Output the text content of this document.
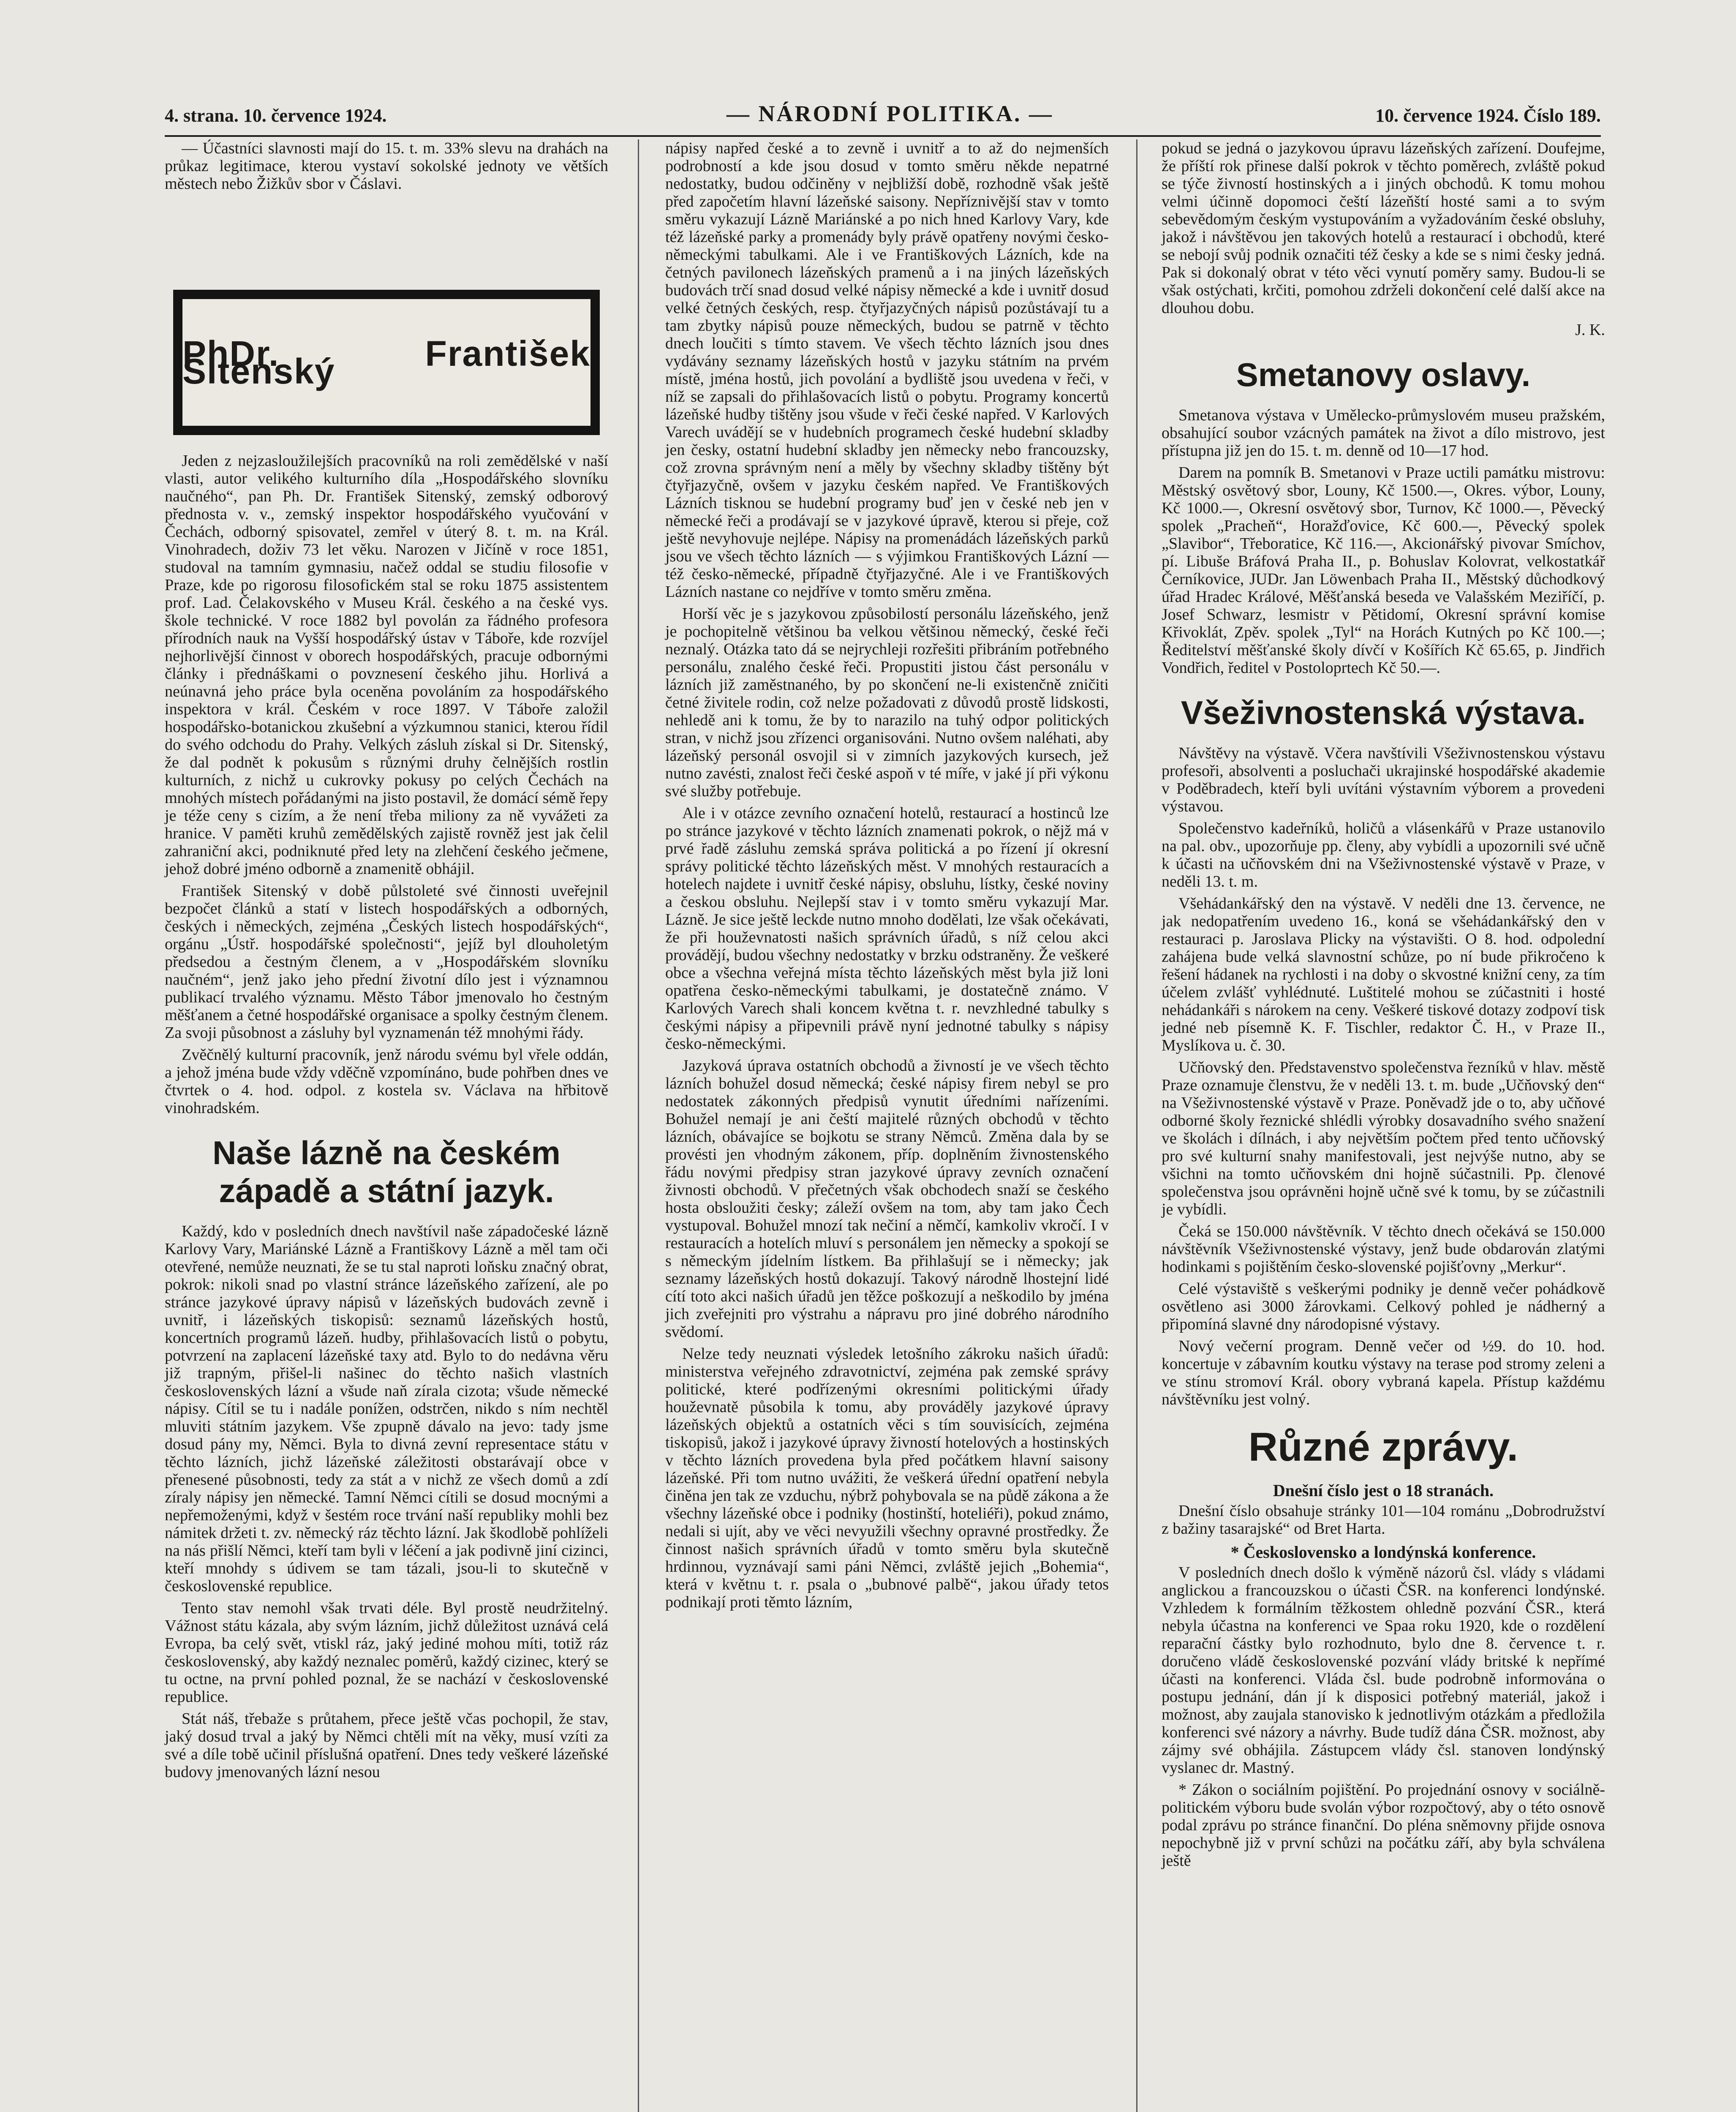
4. strana. 10. července 1924.	— NÁRODNÍ POLITIKA. —	10. července 1924. Číslo 189.

— Účastníci slavnosti mají do 15. t. m. 33% slevu na drahách na průkaz legitimace, kterou vystaví sokolské jednoty ve větších městech nebo Žižkův sbor v Čáslavi.

PhDr. František Sitenský

Jeden z nejzasloužilejších pracovníků na roli zemědělské v naší vlasti, autor velikého kulturního díla „Hospodářského slovníku naučného“, pan Ph. Dr. František Sitenský, zemský odborový přednosta v. v., zemský inspektor hospodářského vyučování v Čechách, odborný spisovatel, zemřel v úterý 8. t. m. na Král. Vinohradech, doživ 73 let věku. Narozen v Jičíně v roce 1851, studoval na tamním gymnasiu, načež oddal se studiu filosofie v Praze, kde po rigorosu filosofickém stal se roku 1875 assistentem prof. Lad. Čelakovského v Museu Král. českého a na české vys. škole technické. V roce 1882 byl povolán za řádného profesora přírodních nauk na Vyšší hospodářský ústav v Táboře, kde rozvíjel nejhorlivější činnost v oborech hospodářských, pracuje odbornými články i přednáškami o povznesení českého jihu. Horlivá a neúnavná jeho práce byla oceněna povoláním za hospodářského inspektora v král. Českém v roce 1897. V Táboře založil hospodářsko-botanickou zkušební a výzkumnou stanici, kterou řídil do svého odchodu do Prahy. Velkých zásluh získal si Dr. Sitenský, že dal podnět k pokusům s různými druhy čelnějších rostlin kulturních, z nichž u cukrovky pokusy po celých Čechách na mnohých místech pořádanými na jisto postavil, že domácí sémě řepy je téže ceny s cizím, a že není třeba miliony za ně vyvážeti za hranice. V paměti kruhů zemědělských zajistě rovněž jest jak čelil zahraniční akci, podniknuté před lety na zlehčení českého ječmene, jehož dobré jméno odborně a znamenitě obhájil.

František Sitenský v době půlstoleté své činnosti uveřejnil bezpočet článků a statí v listech hospodářských a odborných, českých i německých, zejména „Českých listech hospodářských“, orgánu „Ústř. hospodářské společnosti“, jejíž byl dlouholetým předsedou a čestným členem, a v „Hospodářském slovníku naučném“, jenž jako jeho přední životní dílo jest i významnou publikací trvalého významu. Město Tábor jmenovalo ho čestným měšťanem a četné hospodářské organisace a spolky čestným členem. Za svoji působnost a zásluhy byl vyznamenán též mnohými řády.

Zvěčnělý kulturní pracovník, jenž národu svému byl vřele oddán, a jehož jména bude vždy vděčně vzpomínáno, bude pohřben dnes ve čtvrtek o 4. hod. odpol. z kostela sv. Václava na hřbitově vinohradském.

Naše lázně na českém západě a státní jazyk.

Každý, kdo v posledních dnech navštívil naše západočeské lázně Karlovy Vary, Mariánské Lázně a Františkovy Lázně a měl tam oči otevřené, nemůže neuznati, že se tu stal naproti loňsku značný obrat, pokrok: nikoli snad po vlastní stránce lázeňského zařízení, ale po stránce jazykové úpravy nápisů v lázeňských budovách zevně i uvnitř, i lázeňských tiskopisů: seznamů lázeňských hostů, koncertních programů lázeň. hudby, přihlašovacích listů o pobytu, potvrzení na zaplacení lázeňské taxy atd. Bylo to do nedávna věru již trapným, přišel-li našinec do těchto našich vlastních československých lázní a všude naň zírala cizota; všude německé nápisy. Cítil se tu i nadále ponížen, odstrčen, nikdo s ním nechtěl mluviti státním jazykem. Vše zpupně dávalo na jevo: tady jsme dosud pány my, Němci. Byla to divná zevní representace státu v těchto lázních, jichž lázeňské záležitosti obstarávají obce v přenesené působnosti, tedy za stát a v nichž ze všech domů a zdí zíraly nápisy jen německé. Tamní Němci cítili se dosud mocnými a nepřemoženými, když v šestém roce trvání naší republiky mohli bez námitek držeti t. zv. německý ráz těchto lázní. Jak škodlobě pohlíželi na nás přišlí Němci, kteří tam byli v léčení a jak podivně jiní cizinci, kteří mnohdy s údivem se tam tázali, jsou-li to skutečně v československé republice.

Tento stav nemohl však trvati déle. Byl prostě neudržitelný. Vážnost státu kázala, aby svým lázním, jichž důležitost uznává celá Evropa, ba celý svět, vtiskl ráz, jaký jediné mohou míti, totiž ráz československý, aby každý neznalec poměrů, každý cizinec, který se tu octne, na první pohled poznal, že se nachází v československé republice.

Stát náš, třebaže s průtahem, přece ještě včas pochopil, že stav, jaký dosud trval a jaký by Němci chtěli mít na věky, musí vzíti za své a díle tobě učinil příslušná opatření. Dnes tedy veškeré lázeňské budovy jmenovaných lázní nesou

nápisy napřed české a to zevně i uvnitř a to až do nejmenších podrobností a kde jsou dosud v tomto směru někde nepatrné nedostatky, budou odčiněny v nejbližší době, rozhodně však ještě před započetím hlavní lázeňské saisony. Nepříznivější stav v tomto směru vykazují Lázně Mariánské a po nich hned Karlovy Vary, kde též lázeňské parky a promenády byly právě opatřeny novými česko-německými tabulkami. Ale i ve Františkových Lázních, kde na četných pavilonech lázeňských pramenů a i na jiných lázeňských budovách trčí snad dosud velké nápisy německé a kde i uvnitř dosud velké četných českých, resp. čtyřjazyčných nápisů pozůstávají tu a tam zbytky nápisů pouze německých, budou se patrně v těchto dnech loučiti s tímto stavem. Ve všech těchto lázních jsou dnes vydávány seznamy lázeňských hostů v jazyku státním na prvém místě, jména hostů, jich povolání a bydliště jsou uvedena v řeči, v níž se zapsali do přihlašovacích listů o pobytu. Programy koncertů lázeňské hudby tištěny jsou všude v řeči české napřed. V Karlových Varech uvádějí se v hudebních programech české hudební skladby jen česky, ostatní hudební skladby jen německy nebo francouzsky, což zrovna správným není a měly by všechny skladby tištěny být čtyřjazyčně, ovšem v jazyku českém napřed. Ve Františkových Lázních tisknou se hudební programy buď jen v české neb jen v německé řeči a prodávají se v jazykové úpravě, kterou si přeje, což ještě nevyhovuje nejlépe. Nápisy na promenádách lázeňských parků jsou ve všech těchto lázních — s výjimkou Františkových Lázní — též česko-německé, případně čtyřjazyčné. Ale i ve Františkových Lázních nastane co nejdříve v tomto směru změna.

Horší věc je s jazykovou způsobilostí personálu lázeňského, jenž je pochopitelně většinou ba velkou většinou německý, české řeči neznalý. Otázka tato dá se nejrychleji rozřešiti přibráním potřebného personálu, znalého české řeči. Propustiti jistou část personálu v lázních již zaměstnaného, by po skončení ne-li existenčně zničiti četné živitele rodin, což nelze požadovati z důvodů prostě lidskosti, nehledě ani k tomu, že by to narazilo na tuhý odpor politických stran, v nichž jsou zřízenci organisováni. Nutno ovšem naléhati, aby lázeňský personál osvojil si v zimních jazykových kursech, jež nutno zavésti, znalost řeči české aspoň v té míře, v jaké jí při výkonu své služby potřebuje.

Ale i v otázce zevního označení hotelů, restaurací a hostinců lze po stránce jazykové v těchto lázních znamenati pokrok, o nějž má v prvé řadě zásluhu zemská správa politická a po řízení jí okresní správy politické těchto lázeňských měst. V mnohých restauracích a hotelech najdete i uvnitř české nápisy, obsluhu, lístky, české noviny a českou obsluhu. Nejlepší stav i v tomto směru vykazují Mar. Lázně. Je sice ještě leckde nutno mnoho dodělati, lze však očekávati, že při houževnatosti našich správních úřadů, s níž celou akci provádějí, budou všechny nedostatky v brzku odstraněny. Že veškeré obce a všechna veřejná místa těchto lázeňských měst byla již loni opatřena česko-německými tabulkami, je dostatečně známo. V Karlových Varech shali koncem května t. r. nevzhledné tabulky s českými nápisy a připevnili právě nyní jednotné tabulky s nápisy česko-německými.

Jazyková úprava ostatních obchodů a živností je ve všech těchto lázních bohužel dosud německá; české nápisy firem nebyl se pro nedostatek zákonných předpisů vynutit úředními nařízeními. Bohužel nemají je ani čeští majitelé různých obchodů v těchto lázních, obávajíce se bojkotu se strany Němců. Změna dala by se provésti jen vhodným zákonem, příp. doplněním živnostenského řádu novými předpisy stran jazykové úpravy zevních označení živnosti obchodů. V přečetných však obchodech snaží se českého hosta obsloužiti česky; záleží ovšem na tom, aby tam jako Čech vystupoval. Bohužel mnozí tak nečiní a němčí, kamkoliv vkročí. I v restauracích a hotelích mluví s personálem jen německy a spokojí se s německým jídelním lístkem. Ba přihlašují se i německy; jak seznamy lázeňských hostů dokazují. Takový národně lhostejní lidé cítí toto akci našich úřadů jen těžce poškozují a neškodilo by jména jich zveřejniti pro výstrahu a nápravu pro jiné dobrého národního svědomí.

Nelze tedy neuznati výsledek letošního zákroku našich úřadů: ministerstva veřejného zdravotnictví, zejména pak zemské správy politické, které podřízenými okresními politickými úřady houževnatě působila k tomu, aby prováděly jazykové úpravy lázeňských objektů a ostatních věci s tím souvisících, zejména tiskopisů, jakož i jazykové úpravy živností hotelových a hostinských v těchto lázních provedena byla před počátkem hlavní saisony lázeňské. Při tom nutno uvážiti, že veškerá úřední opatření nebyla činěna jen tak ze vzduchu, nýbrž pohybovala se na půdě zákona a že všechny lázeňské obce i podniky (hostinští, hoteliéři), pokud známo, nedali si ujít, aby ve věci nevyužili všechny opravné prostředky. Že činnost našich správních úřadů v tomto směru byla skutečně hrdinnou, vyznávají sami páni Němci, zvláště jejich „Bohemia“, která v květnu t. r. psala o „bubnové palbě“, jakou úřady tetos podnikají proti těmto lázním,

pokud se jedná o jazykovou úpravu lázeňských zařízení. Doufejme, že příští rok přinese další pokrok v těchto poměrech, zvláště pokud se týče živností hostinských a i jiných obchodů. K tomu mohou velmi účinně dopomoci čeští lázeňští hosté sami a to svým sebevědomým českým vystupováním a vyžadováním české obsluhy, jakož i návštěvou jen takových hotelů a restaurací i obchodů, které se nebojí svůj podnik označiti též česky a kde se s nimi česky jedná. Pak si dokonalý obrat v této věci vynutí poměry samy. Budou-li se však ostýchati, krčiti, pomohou zdrželi dokončení celé další akce na dlouhou dobu.

J. K.
Smetanovy oslavy.

Smetanova výstava v Umělecko-průmyslovém museu pražském, obsahující soubor vzácných památek na život a dílo mistrovo, jest přístupna již jen do 15. t. m. denně od 10—17 hod.

Darem na pomník B. Smetanovi v Praze uctili památku mistrovu: Městský osvětový sbor, Louny, Kč 1500.—, Okres. výbor, Louny, Kč 1000.—, Okresní osvětový sbor, Turnov, Kč 1000.—, Pěvecký spolek „Pracheň“, Horažďovice, Kč 600.—, Pěvecký spolek „Slavibor“, Třeboratice, Kč 116.—, Akcionářský pivovar Smíchov, pí. Libuše Bráfová Praha II., p. Bohuslav Kolovrat, velkostatkář Černíkovice, JUDr. Jan Löwenbach Praha II., Městský důchodkový úřad Hradec Králové, Měšťanská beseda ve Valašském Meziříčí, p. Josef Schwarz, lesmistr v Pětidomí, Okresní správní komise Křivoklát, Zpěv. spolek „Tyl“ na Horách Kutných po Kč 100.—; Ředitelství měšťanské školy dívčí v Košířích Kč 65.65, p. Jindřich Vondřich, ředitel v Postoloprtech Kč 50.—.

Všeživnostenská výstava.

Návštěvy na výstavě. Včera navštívili Všeživnostenskou výstavu profesoři, absolventi a posluchači ukrajinské hospodářské akademie v Poděbradech, kteří byli uvítáni výstavním výborem a provedeni výstavou.

Společenstvo kadeřníků, holičů a vlásenkářů v Praze ustanovilo na pal. obv., upozorňuje pp. členy, aby vybídli a upozornili své učně k účasti na učňovském dni na Všeživnostenské výstavě v Praze, v neděli 13. t. m.

Všehádankářský den na výstavě. V neděli dne 13. července, ne jak nedopatřením uvedeno 16., koná se všehádankářský den v restauraci p. Jaroslava Plicky na výstavišti. O 8. hod. odpolední zahájena bude velká slavnostní schůze, po ní bude přikročeno k řešení hádanek na rychlosti i na doby o skvostné knižní ceny, za tím účelem zvlášť vyhlédnuté. Luštitelé mohou se zúčastniti i hosté nehádankáři s nárokem na ceny. Veškeré tiskové dotazy zodpoví tisk jedné neb písemně K. F. Tischler, redaktor Č. H., v Praze II., Myslíkova u. č. 30.

Učňovský den. Představenstvo společenstva řezníků v hlav. městě Praze oznamuje členstvu, že v neděli 13. t. m. bude „Učňovský den“ na Všeživnostenské výstavě v Praze. Poněvadž jde o to, aby učňové odborné školy řeznické shlédli výrobky dosavadního svého snažení ve školách i dílnách, i aby největším počtem před tento učňovský pro své kulturní snahy manifestovali, jest nejvýše nutno, aby se všichni na tomto učňovském dni hojně súčastnili. Pp. členové společenstva jsou oprávněni hojně učně své k tomu, by se zúčastnili je vybídli.

Čeká se 150.000 návštěvník. V těchto dnech očekává se 150.000 návštěvník Všeživnostenské výstavy, jenž bude obdarován zlatými hodinkami s pojištěním česko-slovenské pojišťovny „Merkur“.

Celé výstaviště s veškerými podniky je denně večer pohádkově osvětleno asi 3000 žárovkami. Celkový pohled je nádherný a připomíná slavné dny národopisné výstavy.

Nový večerní program. Denně večer od ½9. do 10. hod. koncertuje v zábavním koutku výstavy na terase pod stromy zeleni a ve stínu stromoví Král. obory vybraná kapela. Přístup každému návštěvníku jest volný.

Různé zprávy.
Dnešní číslo jest o 18 stranách.

Dnešní číslo obsahuje stránky 101—104 románu „Dobrodružství z bažiny tasarajské“ od Bret Harta.

* Československo a londýnská konference.

V posledních dnech došlo k výměně názorů čsl. vlády s vládami anglickou a francouzskou o účasti ČSR. na konferenci londýnské. Vzhledem k formálním těžkostem ohledně pozvání ČSR., která nebyla účastna na konferenci ve Spaa roku 1920, kde o rozdělení reparační částky bylo rozhodnuto, bylo dne 8. července t. r. doručeno vládě československé pozvání vlády britské k nepřímé účasti na konferenci. Vláda čsl. bude podrobně informována o postupu jednání, dán jí k disposici potřebný materiál, jakož i možnost, aby zaujala stanovisko k jednotlivým otázkám a předložila konferenci své názory a návrhy. Bude tudíž dána ČSR. možnost, aby zájmy své obhájila. Zástupcem vlády čsl. stanoven londýnský vyslanec dr. Mastný.

* Zákon o sociálním pojištění. Po projednání osnovy v sociálně-politickém výboru bude svolán výbor rozpočtový, aby o této osnově podal zprávu po stránce finanční. Do pléna sněmovny přijde osnova nepochybně již v první schůzi na počátku září, aby byla schválena ještě
